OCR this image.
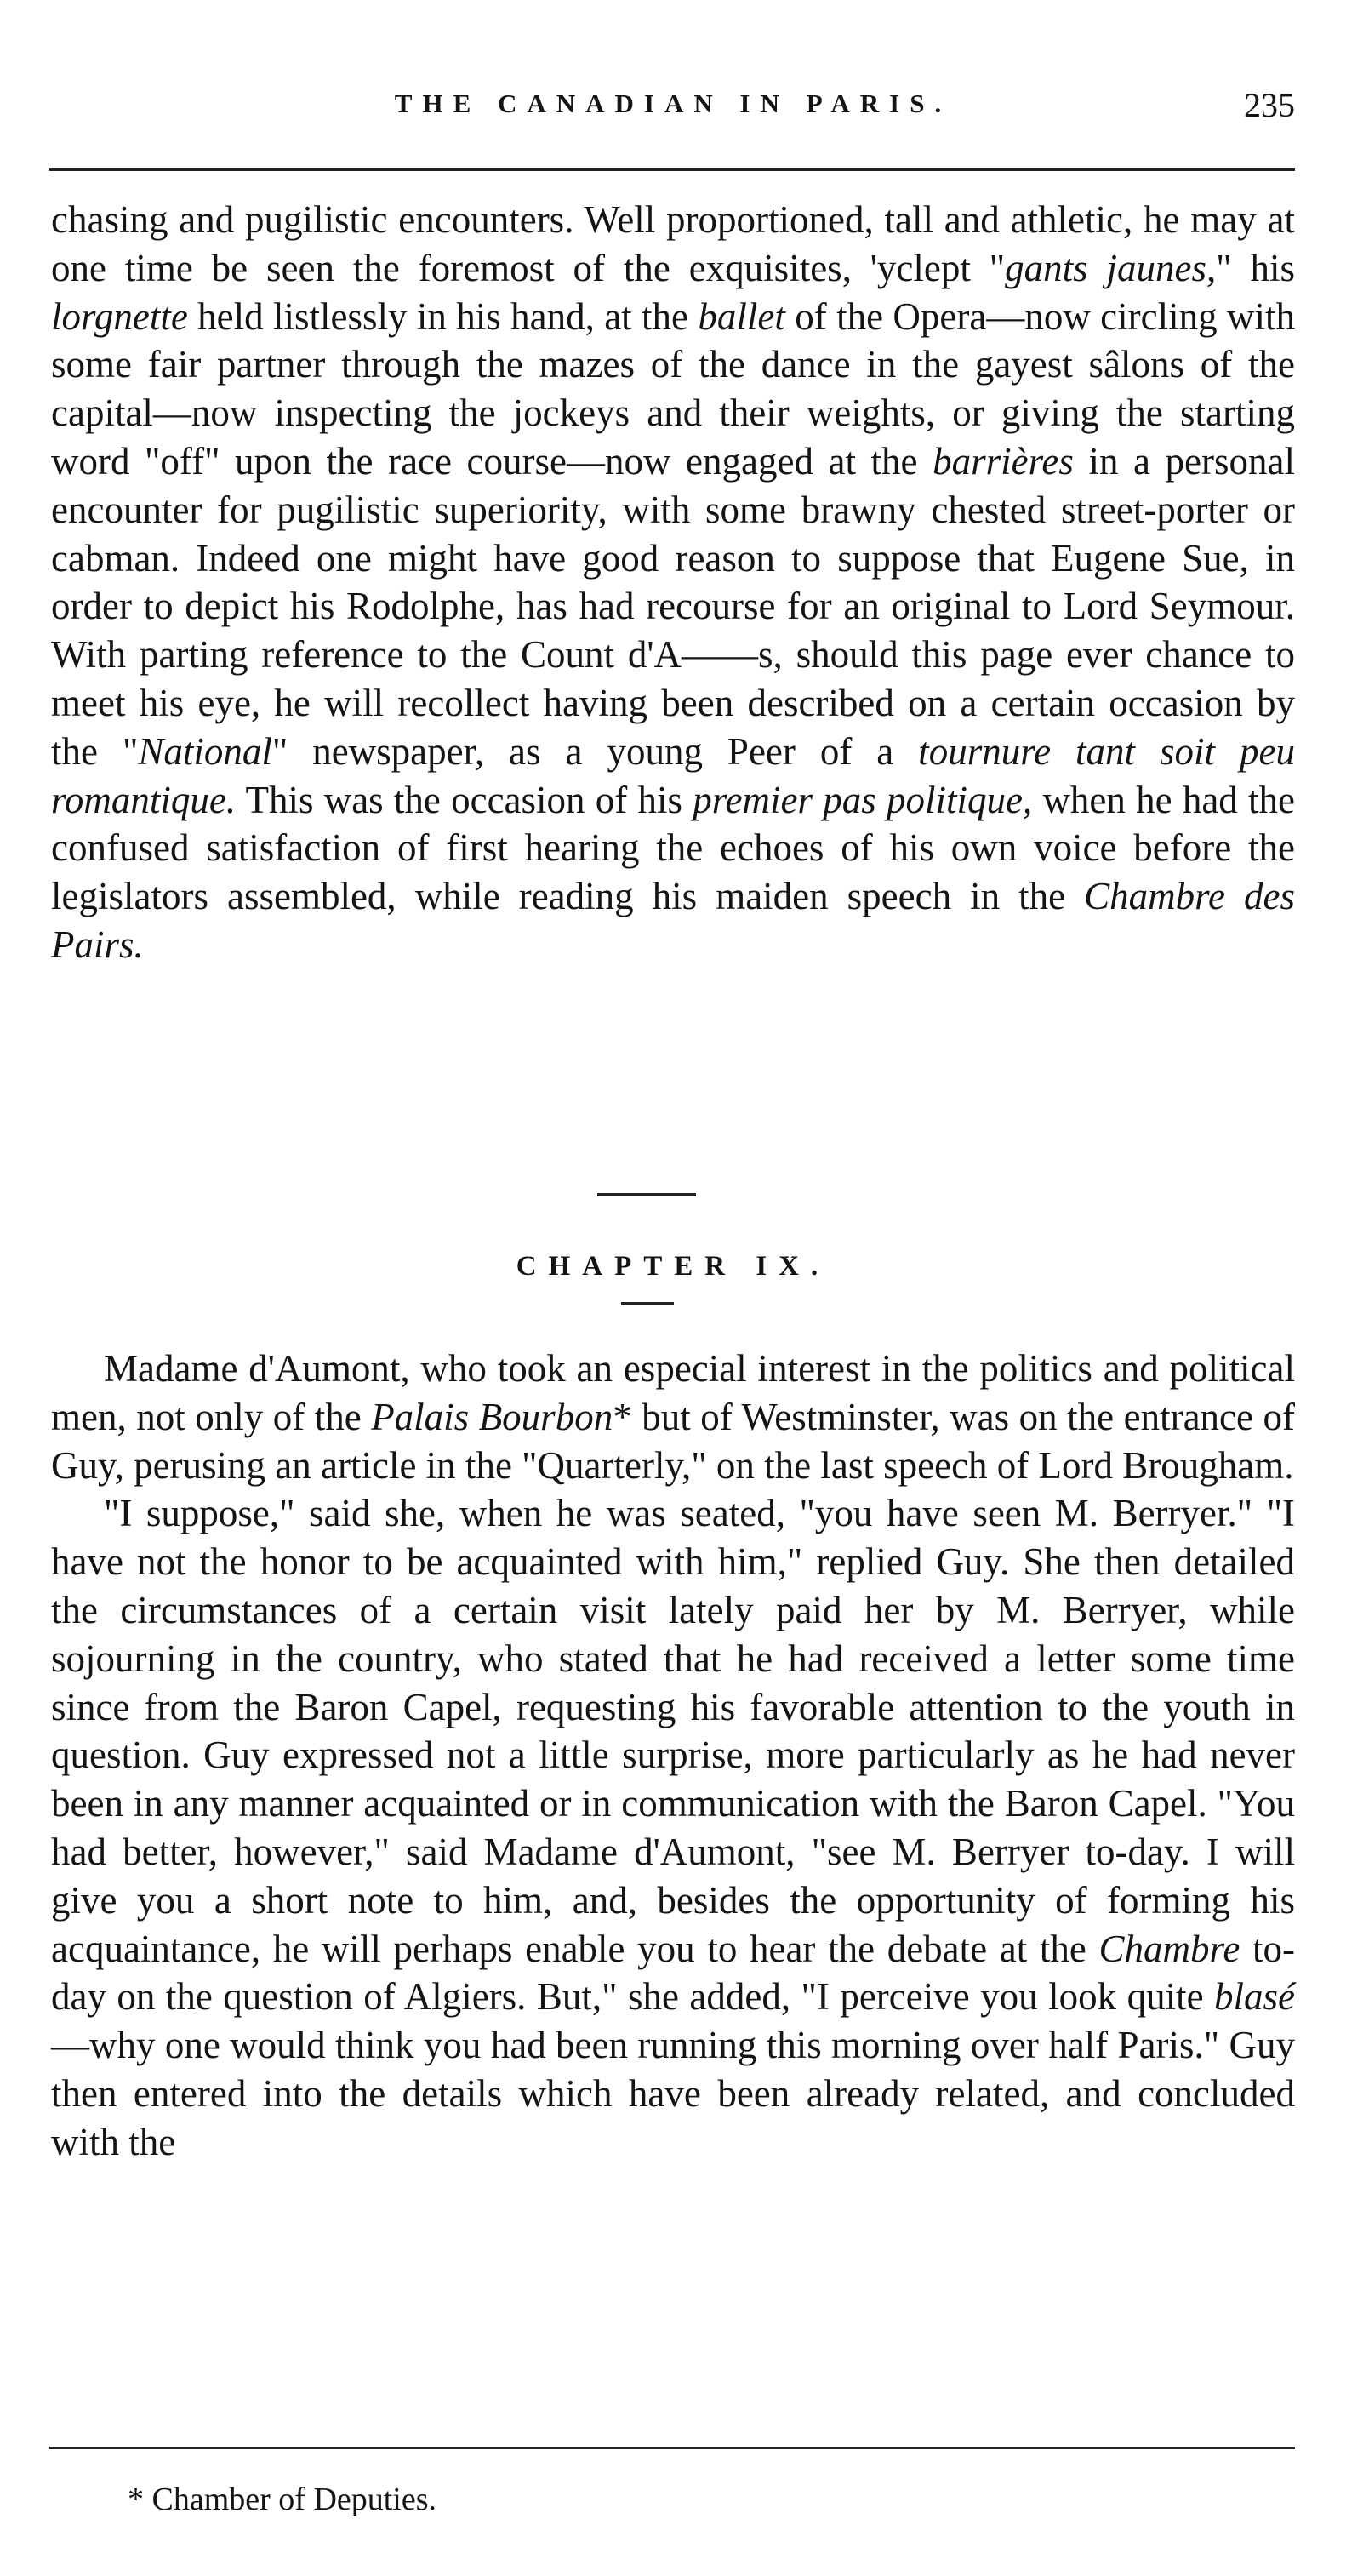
THE CANADIAN IN PARIS.	235

chasing and pugilistic encounters. Well proportioned, tall and athletic, he may at one time be seen the foremost of the exquisites, 'yclept "gants jaunes," his lorgnette held listlessly in his hand, at the ballet of the Opera—now circling with some fair partner through the mazes of the dance in the gayest sâlons of the capital—now inspecting the jockeys and their weights, or giving the starting word "off" upon the race course—now engaged at the barrières in a personal encounter for pugilistic superiority, with some brawny chested street-porter or cabman. Indeed one might have good reason to suppose that Eugene Sue, in order to depict his Rodolphe, has had recourse for an original to Lord Seymour. With parting reference to the Count d'A——s, should this page ever chance to meet his eye, he will recollect having been described on a certain occasion by the "National" newspaper, as a young Peer of a tournure tant soit peu romantique. This was the occasion of his premier pas politique, when he had the confused satisfaction of first hearing the echoes of his own voice before the legislators assembled, while reading his maiden speech in the Chambre des Pairs.

CHAPTER IX.

Madame d'Aumont, who took an especial interest in the politics and political men, not only of the Palais Bourbon* but of Westminster, was on the entrance of Guy, perusing an article in the "Quarterly," on the last speech of Lord Brougham.

"I suppose," said she, when he was seated, "you have seen M. Berryer." "I have not the honor to be acquainted with him," replied Guy. She then detailed the circumstances of a certain visit lately paid her by M. Berryer, while sojourning in the country, who stated that he had received a letter some time since from the Baron Capel, requesting his favorable attention to the youth in question. Guy expressed not a little surprise, more particularly as he had never been in any manner acquainted or in communication with the Baron Capel. "You had better, however," said Madame d'Aumont, "see M. Berryer to-day. I will give you a short note to him, and, besides the opportunity of forming his acquaintance, he will perhaps enable you to hear the debate at the Chambre to-day on the question of Algiers. But," she added, "I perceive you look quite blasé—why one would think you had been running this morning over half Paris." Guy then entered into the details which have been already related, and concluded with the

* Chamber of Deputies.
